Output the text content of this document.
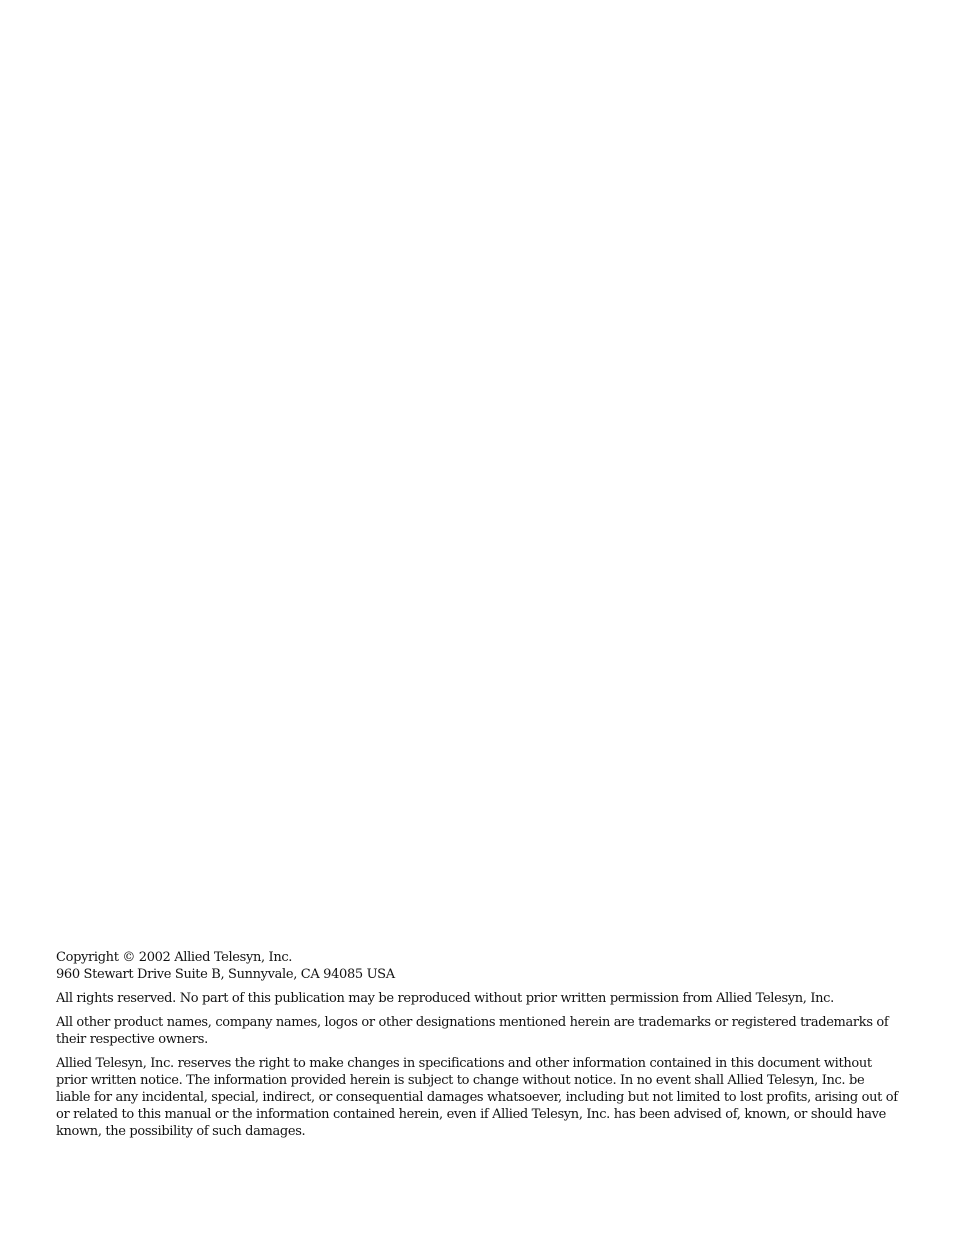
Copyright © 2002 Allied Telesyn, Inc.

960 Stewart Drive Suite B, Sunnyvale, CA 94085 USA

All rights reserved. No part of this publication may be reproduced without prior written permission from Allied Telesyn, Inc.

All other product names, company names, logos or other designations mentioned herein are trademarks or registered trademarks of their respective owners.

Allied Telesyn, Inc. reserves the right to make changes in specifications and other information contained in this document without prior written notice. The information provided herein is subject to change without notice. In no event shall Allied Telesyn, Inc. be liable for any incidental, special, indirect, or consequential damages whatsoever, including but not limited to lost profits, arising out of or related to this manual or the information contained herein, even if Allied Telesyn, Inc. has been advised of, known, or should have known, the possibility of such damages.
